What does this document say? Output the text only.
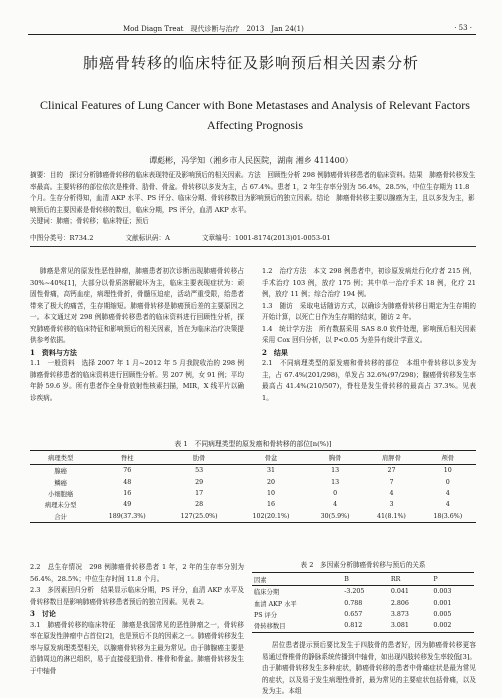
Mod Diagn Treat　现代诊断与治疗　2013　Jan 24(1)	· 53 ·
肺癌骨转移的临床特征及影响预后相关因素分析
Clinical Features of Lung Cancer with Bone Metastases and Analysis of Relevant Factors Affecting Prognosis
谭彪彬，冯学知（湘乡市人民医院，湖南 湘乡 411400）

摘要：目的　探讨分析肺癌骨转移的临床表现特征及影响预后的相关因素。方法　回顾性分析 298 例肺癌骨转移患者的临床资料。结果　肺癌骨转移发生率最高。主要转移的部位依次是椎骨、肋骨、骨盆。骨转移以多发为主，占 67.4%。患者 1，2 年生存率分别为 56.4%，28.5%，中位生存期为 11.8 个月。生存分析得知，血清 AKP 水平、PS 评分、临床分期、骨转移数目为影响预后的独立因素。结论　肺癌骨转移主要以腺癌为主，且以多发为主，影响预后的主要因素是骨转移的数目，临床分期，PS 评分，血清 AKP 水平。

关键词：肺癌；骨转移；临床特征；预后

中图分类号：R734.2	文献标识码：A	文章编号：1001-8174(2013)01-0053-01

肺癌是常见的原发性恶性肿瘤，肺癌患者初次诊断出现肺癌骨转移占 30%~40%[1]，大部分以骨质溶解破坏为主，临床主要表现症状为：顽固性骨痛，高钙血症，病理性骨折，骨髓压迫症，活动严重受限，给患者带来了极大的痛苦，生存期缩短。肺癌骨转移是肺癌预后差的主要原因之一。本文通过对 298 例肺癌骨转移患者的临床资料进行回顾性分析，探究肺癌骨转移的临床特征和影响预后的相关因素，旨在为临床治疗决策提供参考依据。

1　资料与方法
1.1　一般资料　选择 2007 年 1 月~2012 年 5 月我院收治的 298 例肺癌骨转移患者的临床资料进行回顾性分析。男 207 例，女 91 例；平均年龄 59.6 岁。所有患者作全身骨放射性核素扫描，MIR，X 线平片以确诊疾病。
1.2　治疗方法　本文 298 例患者中，初诊原发病灶行化疗者 215 例，手术治疗 103 例，放疗 175 例；其中单一治疗手术 18 例，化疗 21 例，放疗 11 例；综合治疗 194 例。
1.3　随访　采取电话随访方式，以确诊为肺癌骨转移日期定为生存期的开始计算，以死亡日作为生存期的结束，随访 2 年。
1.4　统计学方法　所有数据采用 SAS 8.0 软件处理，影响预后相关因素采用 Cox 回归分析，以 P<0.05 为差异有统计学意义。
2　结果
2.1　不同病理类型的原发癌和骨转移的部位　本组中骨转移以多发为主，占 67.4%(201/298)，单发占 32.6%(97/298)；腺癌骨转移发生率最高占 41.4%(210/507)，脊柱是发生骨转移的最高占 37.3%。见表 1。
表 1　不同病理类型的原发癌和骨转移的部位[n(%)]
病理类型	脊柱	肋骨	骨盆	胸骨	肩胛骨	颅骨
腺癌	76	53	31	13	27	10
鳞癌	48	29	20	13	7	0
小细胞癌	16	17	10	0	4	4
病理未分型	49	28	16	4	3	4
合计	189(37.3%)	127(25.0%)	102(20.1%)	30(5.9%)	41(8.1%)	18(3.6%)
2.2　总生存情况　298 例肺癌骨转移患者 1 年，2 年的生存率分别为 56.4%，28.5%；中位生存时间 11.8 个月。
2.3　多因素回归分析　结果显示临床分期，PS 评分，血清 AKP 水平及骨转移数目是影响肺癌骨转移患者预后的独立因素。见表 2。
3　讨论
3.1　肺癌骨转移的临床特征　肺癌是我国常见的恶性肿瘤之一，骨转移率在原发性肿瘤中占首位[2]，也是预后不良的因素之一。肺癌骨转移发生率与原发病理类型相关，以腺癌骨转移为主最为常见。由于肺腺癌主要是沿肺周边的淋巴组织，易于直接侵犯肋骨、椎骨和骨盆。肺癌骨转移发生于中轴骨
表 2　多因素分析肺癌骨转移与预后的关系
因素	B	RR	P
临床分期	-3.205	0.041	0.003
血清 AKP 水平	0.788	2.806	0.001
PS 评分	0.657	3.873	0.005
骨转移数目	0.812	3.081	0.002

居位患者提示预后要比发生于四肢骨的患者好，因为肺癌骨转移更容易通过脊椎骨的静脉系统传播到中轴骨，如出现四肢转移发生率较低[3]。由于肺癌骨转移发生多种症状，肺癌骨转移的患者中骨痛症状是最为常见的症状，以及易于发生病理性骨折，最为常见的主要症状包括骨痛，以及发为主。本组
